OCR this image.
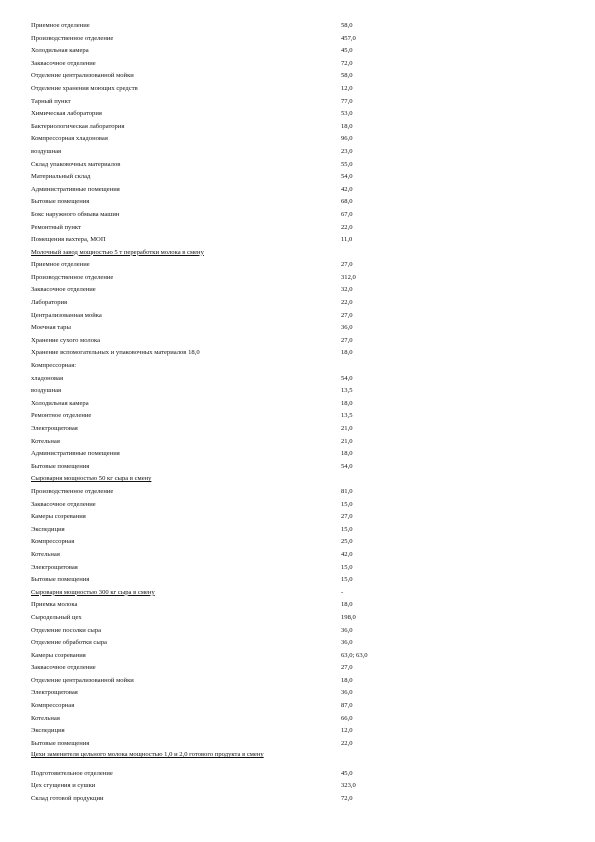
Приемное отделение	58,0
Производственное отделение	457,0
Холодильная камера	45,0
Заквасочное отделение	72,0
Отделение централизованной мойки	58,0
Отделение хранения моющих средств	12,0
Тарный пункт	77,0
Химическая лаборатория	53,0
Бактериологическая лаборатория	18,0
Компрессорная хладоновая	96,0
воздушная	23,0
Склад упаковочных материалов	55,0
Материальный склад	54,0
Административные помещения	42,0
Бытовые помещения	68,0
Бокс наружного обмыва машин	67,0
Ремонтный пункт	22,0
Помещения вахтера, МОП	11,0
Молочный завод мощностью 5 т переработки молока в смену
Приемное отделение	27,0
Производственное отделение	312,0
Заквасочное отделение	32,0
Лаборатория	22,0
Централизованная мойка	27,0
Моечная тары	36,0
Хранение сухого молока	27,0
Хранение вспомогательных и упаковочных материалов 18,0	18,0
Компрессорная:
хладоновая	54,0
воздушная	13,5
Холодильная камера	18,0
Ремонтное отделение	13,5
Электрощитовая	21,0
Котельная	21,0
Административные помещения	18,0
Бытовые помещения	54,0
Сыроварня мощностью 50 кг сыра в смену
Производственное отделение	81,0
Заквасочное отделение	15,0
Камеры созревания	27,0
Экспедиция	15,0
Компрессорная	25,0
Котельная	42,0
Электрощитовая	15,0
Бытовые помещения	15,0
Сыроварня мощностью 300 кг сыра в смену	-
Приемка молока	18,0
Сыродельный цех	198,0
Отделение посолки сыра	36,0
Отделение обработки сыра	36,0
Камеры созревания	63,0; 63,0
Заквасочное отделение	27,0
Отделение централизованной мойки	18,0
Электрощитовая	36,0
Компрессорная	87,0
Котельная	66,0
Экспедиция	12,0
Бытовые помещения	22,0
Цехи заменителя цельного молока мощностью 1,0 и 2,0 готового продукта в смену
Подготовительное отделение	45,0
Цех сгущения и сушки	323,0
Склад готовой продукции	72,0
